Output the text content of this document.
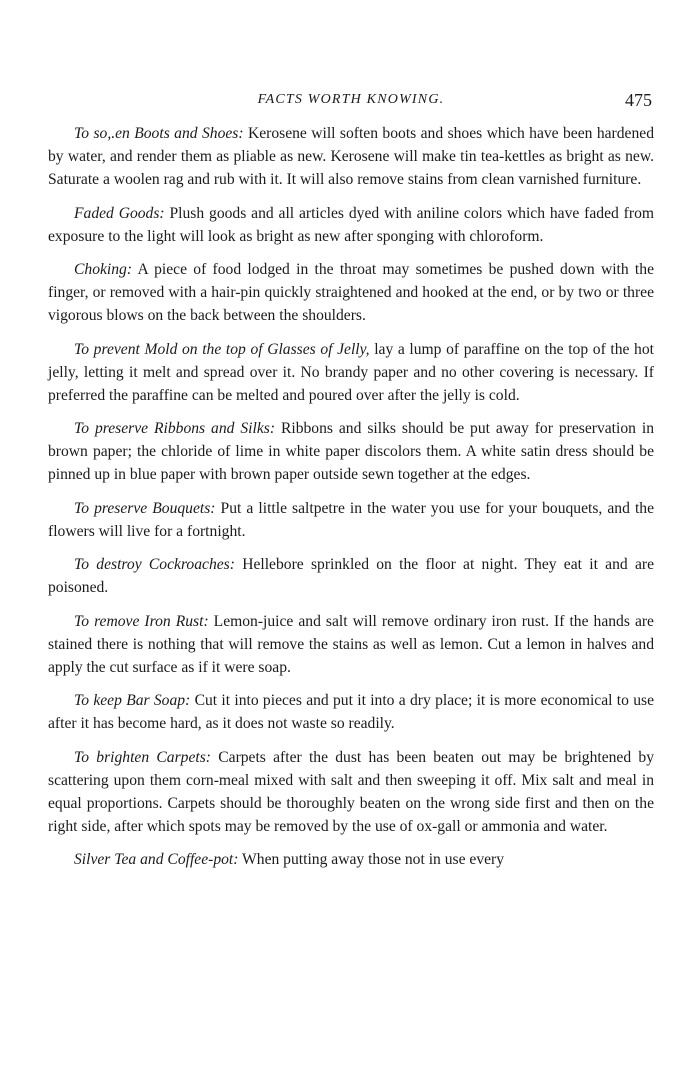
FACTS WORTH KNOWING.	475

To so,.en Boots and Shoes: Kerosene will soften boots and shoes which have been hardened by water, and render them as pliable as new. Kerosene will make tin tea-kettles as bright as new. Saturate a woolen rag and rub with it. It will also remove stains from clean varnished furniture.

Faded Goods: Plush goods and all articles dyed with aniline colors which have faded from exposure to the light will look as bright as new after sponging with chloroform.

Choking: A piece of food lodged in the throat may sometimes be pushed down with the finger, or removed with a hair-pin quickly straightened and hooked at the end, or by two or three vigorous blows on the back between the shoulders.

To prevent Mold on the top of Glasses of Jelly, lay a lump of paraffine on the top of the hot jelly, letting it melt and spread over it. No brandy paper and no other covering is necessary. If preferred the paraffine can be melted and poured over after the jelly is cold.

To preserve Ribbons and Silks: Ribbons and silks should be put away for preservation in brown paper; the chloride of lime in white paper discolors them. A white satin dress should be pinned up in blue paper with brown paper outside sewn together at the edges.

To preserve Bouquets: Put a little saltpetre in the water you use for your bouquets, and the flowers will live for a fortnight.

To destroy Cockroaches: Hellebore sprinkled on the floor at night. They eat it and are poisoned.

To remove Iron Rust: Lemon-juice and salt will remove ordinary iron rust. If the hands are stained there is nothing that will remove the stains as well as lemon. Cut a lemon in halves and apply the cut surface as if it were soap.

To keep Bar Soap: Cut it into pieces and put it into a dry place; it is more economical to use after it has become hard, as it does not waste so readily.

To brighten Carpets: Carpets after the dust has been beaten out may be brightened by scattering upon them corn-meal mixed with salt and then sweeping it off. Mix salt and meal in equal proportions. Carpets should be thoroughly beaten on the wrong side first and then on the right side, after which spots may be removed by the use of ox-gall or ammonia and water.

Silver Tea and Coffee-pot: When putting away those not in use every
